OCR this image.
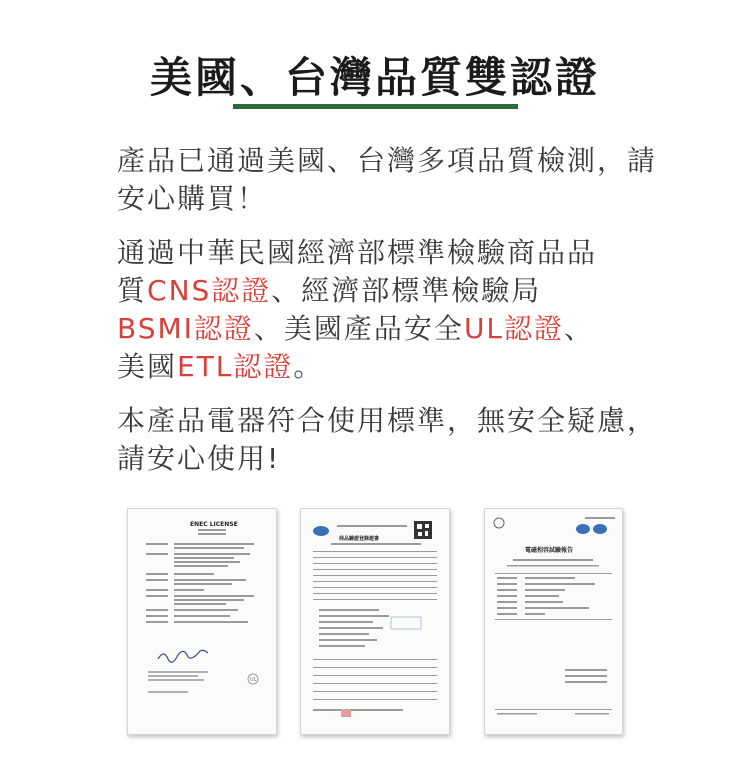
美國、台灣品質雙認證

產品已通過美國、台灣多項品質檢測，請安心購買！

通過中華民國經濟部標準檢驗商品品
質CNS認證、經濟部標準檢驗局
BSMI認證、美國產品安全UL認證、
美國ETL認證。

本產品電器符合使用標準，無安全疑慮，請安心使用!

UL
ENEC LICENSE
商品驗證登錄證書
電磁相容試驗報告
